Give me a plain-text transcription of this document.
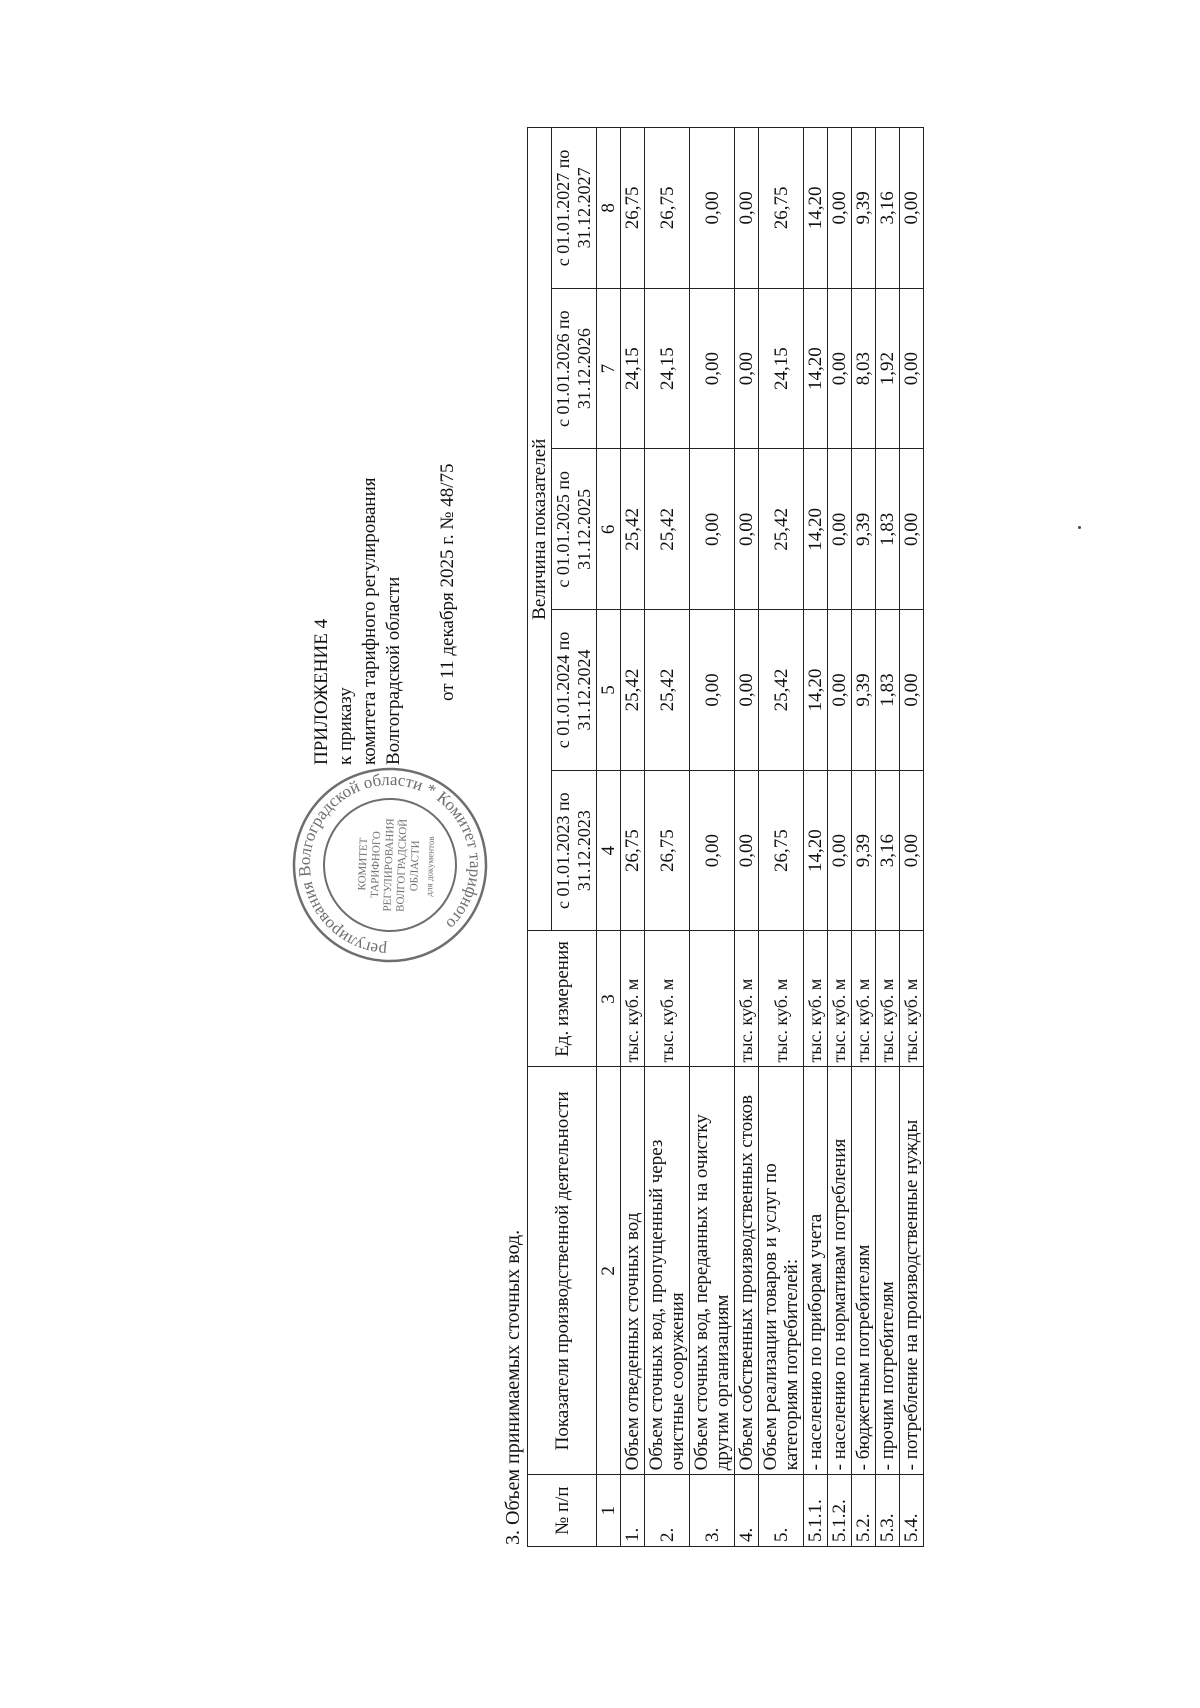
регулирования Волгоградской области * Комитет тарифного
КОМИТЕТ
ТАРИФНОГО
РЕГУЛИРОВАНИЯ
ВОЛГОГРАДСКОЙ
ОБЛАСТИ для документов
ПРИЛОЖЕНИЕ 4 к приказу комитета тарифного регулирования Волгоградской области от 11 декабря 2025 г. № 48/75
3. Объем принимаемых сточных вод. № п/п	Показатели производственной деятельности	Ед. измерения	Величина показателей				
			с 01.01.2023 по 31.12.2023	с 01.01.2024 по 31.12.2024	с 01.01.2025 по 31.12.2025	с 01.01.2026 по 31.12.2026	с 01.01.2027 по 31.12.2027
1	2	3	4	5	6	7	8
1.	Объем отведенных сточных вод	тыс. куб. м	26,75	25,42	25,42	24,15	26,75
2.	Объем сточных вод, пропущенный через очистные сооружения	тыс. куб. м	26,75	25,42	25,42	24,15	26,75
3.	Объем сточных вод, переданных на очистку другим организациям		0,00	0,00	0,00	0,00	0,00
4.	Объем собственных производственных стоков	тыс. куб. м	0,00	0,00	0,00	0,00	0,00
5.	Объем реализации товаров и услуг по категориям потребителей:	тыс. куб. м	26,75	25,42	25,42	24,15	26,75
5.1.1.	- населению по приборам учета	тыс. куб. м	14,20	14,20	14,20	14,20	14,20
5.1.2.	- населению по нормативам потребления	тыс. куб. м	0,00	0,00	0,00	0,00	0,00
5.2.	- бюджетным потребителям	тыс. куб. м	9,39	9,39	9,39	8,03	9,39
5.3.	- прочим потребителям	тыс. куб. м	3,16	1,83	1,83	1,92	3,16
5.4.	- потребление на производственные нужды	тыс. куб. м	0,00	0,00	0,00	0,00	0,00
